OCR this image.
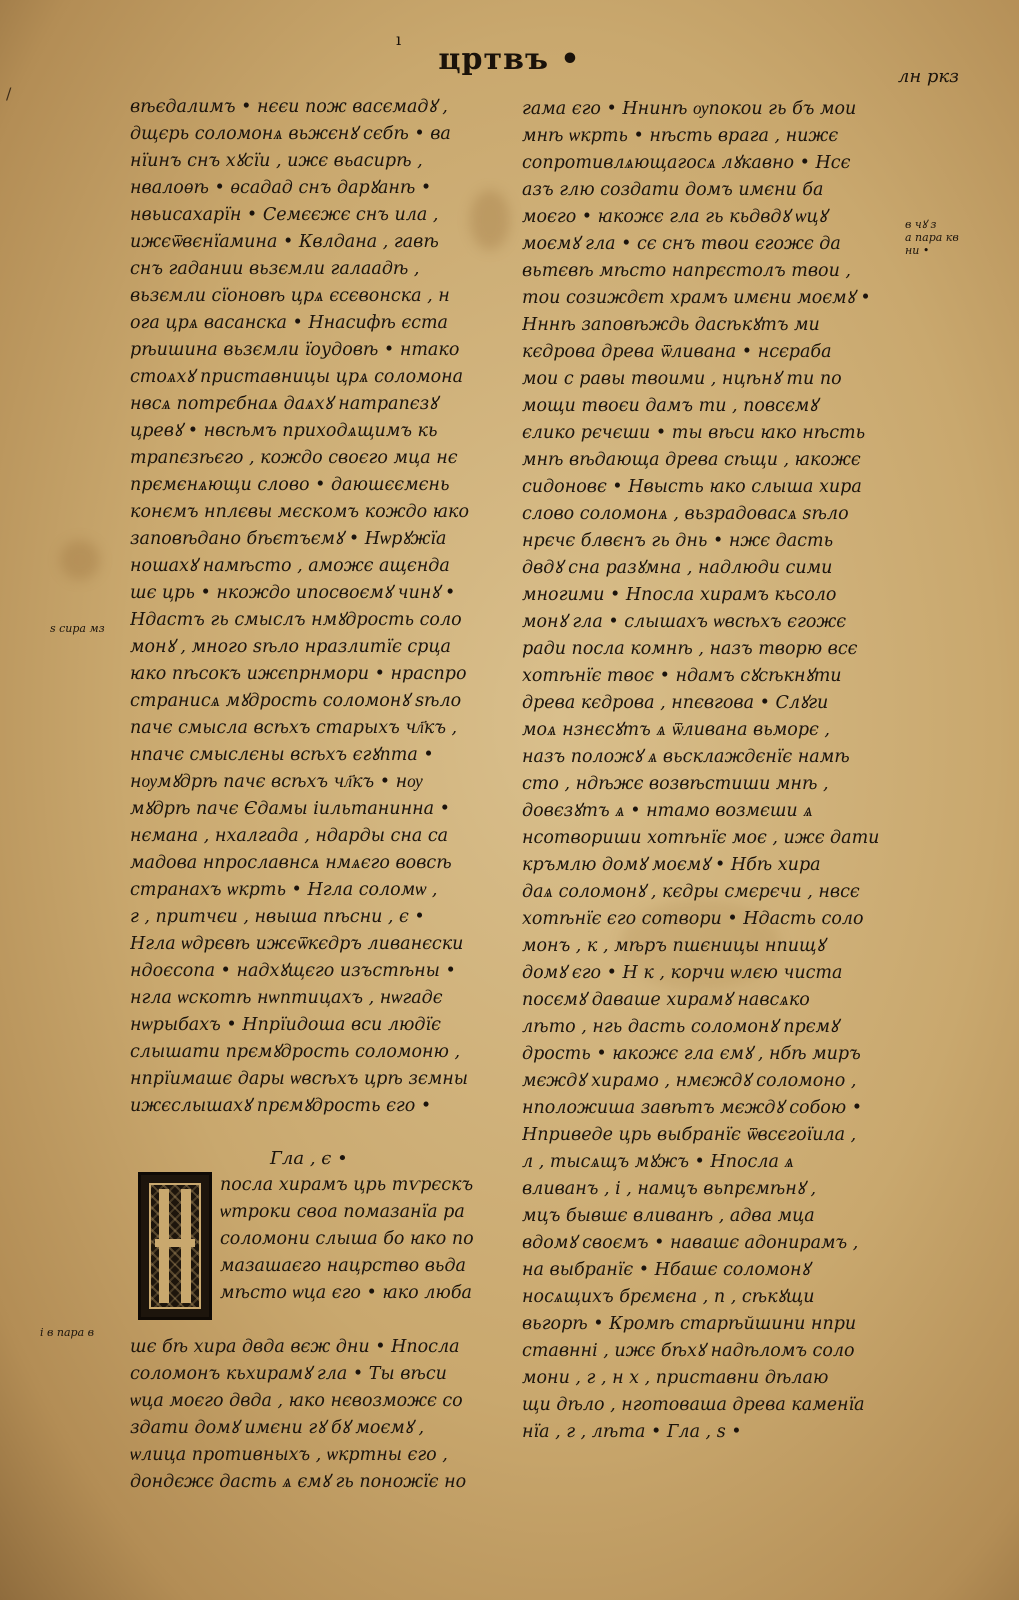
/
ı
цртвъ •	лн ркз
вѣєдалимъ • нєєи пож васємадꙋ ,
дщєрь соломонѧ вьжєнꙋ сєбѣ • ва
нїинъ снъ хꙋсїи , ижє вьасирѣ ,
нвалоѳѣ • ѳсадад снъ дарꙋанѣ •
нвьисахарїн • Семєєжє снъ ила ,
ижєѿвєнїамина • Квлдана , гавѣ
снъ гадании вьзємли галаадѣ ,
вьзємли сїоновѣ црѧ єсєвонска , н
ога црѧ васанска • Ннасифѣ єста
рѣишина вьзємли їоудовѣ • нтако
стоѧхꙋ приставницы црѧ соломона
нвсѧ потрєбнаѧ даѧхꙋ натрапєзꙋ
цревꙋ • нвсѣмъ приходѧщимъ кь
трапєзѣєго , кождо своєго мца нє
прємєнѧющи слово • даюшєємєнь
конємъ нплєвы мєскомъ кождо ꙗко
заповѣдано бѣєтъємꙋ • Нѡрꙋжїа
ношахꙋ намѣсто , аможє ащєнда
шє црь • нкождо ипосвоємꙋ чинꙋ •
Ндастъ гь смыслъ нмꙋдрость соло
монꙋ , много ѕѣло нразлитїє срца
ꙗко пѣсокъ ижєпрнмори • нраспро
странисѧ мꙋдрость соломонꙋ ѕѣло
пачє смысла всѣхъ старыхъ чл҃къ ,
нпачє смыслєны всѣхъ єгꙋпта •
нѹмꙋдрѣ пачє всѣхъ чл҃къ • нѹ
мꙋдрѣ пачє Єдамы іильтанинна •
нємана , нхалгада , ндарды сна са
мадова нпрославнсѧ нмѧєго вовсѣ
странахъ ѡкрть • Нгла соломѡ ,
г , притчєи , нвыша пѣсни , є •
Нгла ѡдрєвѣ ижєѿкєдръ ливанєски
ндоєсопа • надхꙋщєго изъстѣны •
нгла ѡскотѣ нѡптицахъ , нѡгадє
нѡрыбахъ • Нпрїидоша вси людїє
слышати прємꙋдрость соломоню ,
нпрїимашє дары ѡвсѣхъ црѣ зємны
ижєслышахꙋ прємꙋдрость єго •
Гла , є •
посла хирамъ црь тѵрєскъ
ѡтроки своа помазанїа ра
соломони слыша бо ꙗко по
мазашаєго нацрство вьда
мѣсто ѡца єго • ꙗко люба
шє бѣ хира двда вєж дни • Нпосла
соломонъ кьхирамꙋ гла • Ты вѣси
ѡца моєго двда , ꙗко нєвозможє со
здати домꙋ имєни гꙋ бꙋ моємꙋ ,
ѡлица противныхъ , ѡкртны єго ,
дондєжє дасть ѧ ємꙋ гь поножїє но
гама єго • Ннинѣ ѹпокои гь бъ мои
мнѣ ѡкрть • нѣсть врага , нижє
сопротивлѧющагосѧ лꙋкавно • Нсє
азъ глю создати домъ имєни ба
моєго • ꙗкожє гла гь кьдвдꙋ ѡцꙋ
моємꙋ гла • сє снъ твои єгожє да
вьтєвѣ мѣсто напрєстолъ твои ,
тои созиждєт храмъ имєни моємꙋ •
Нннѣ заповѣждь дасѣкꙋтъ ми
кєдрова древа ѿливана • нсєраба
мои с равы твоими , нцѣнꙋ ти по
мощи твоєи дамъ ти , повсємꙋ
єлико рєчєши • ты вѣси ꙗко нѣсть
мнѣ вѣдающа древа сѣщи , ꙗкожє
сидоновє • Нвысть ꙗко слыша хира
слово соломонѧ , вьзрадовасѧ ѕѣло
нрєчє блвєнъ гь днь • нжє дасть
двдꙋ сна разꙋмна , надлюди сими
многими • Нпосла хирамъ кьсоло
монꙋ гла • слышахъ ѡвсѣхъ єгожє
ради посла комнѣ , назъ творю всє
хотѣнїє твоє • ндамъ сꙋсѣкнꙋти
древа кєдрова , нпєвгова • Слꙋги
моѧ нзнєсꙋтъ ѧ ѿливана вьморє ,
назъ положꙋ ѧ вьсклаждєнїє намѣ
сто , ндѣжє возвѣстиши мнѣ ,
довєзꙋтъ ѧ • нтамо возмєши ѧ
нсотвориши хотѣнїє моє , ижє дати
кръмлю домꙋ моємꙋ • Нбѣ хира
даѧ соломонꙋ , кєдры смєрєчи , нвсє
хотѣнїє єго сотвори • Ндасть соло
монъ , к , мѣръ пшєницы нпищꙋ
домꙋ єго • Н к , корчи ѡлєю чиста
посємꙋ даваше хирамꙋ навсѧко
лѣто , нгь дасть соломонꙋ прємꙋ
дрость • ꙗкожє гла ємꙋ , нбѣ миръ
мєждꙋ хирамо , нмєждꙋ соломоно ,
нположиша завѣтъ мєждꙋ собою •
Нприведе црь выбранїє ѿвсєгоїила ,
л , тысѧщъ мꙋжъ • Нпосла ѧ
вливанъ , і , намцъ вьпрємѣнꙋ ,
мцъ бывшє вливанѣ , адва мца
вдомꙋ своємъ • навашє адонирамъ ,
на выбранїє • Нбашє соломонꙋ
носѧщихъ брємєна , п , сѣкꙋщи
вьгорѣ • Кромѣ старѣйшини нпри
ставнні , ижє бѣхꙋ надѣломъ соло
мони , г , н х , приставни дѣлаю
щи дѣло , нготоваша древа каменїа
нїа , г , лѣта • Гла , ѕ •
ѕ сира мз
і в пара в
в чꙋ з
а пара кв
ни •
